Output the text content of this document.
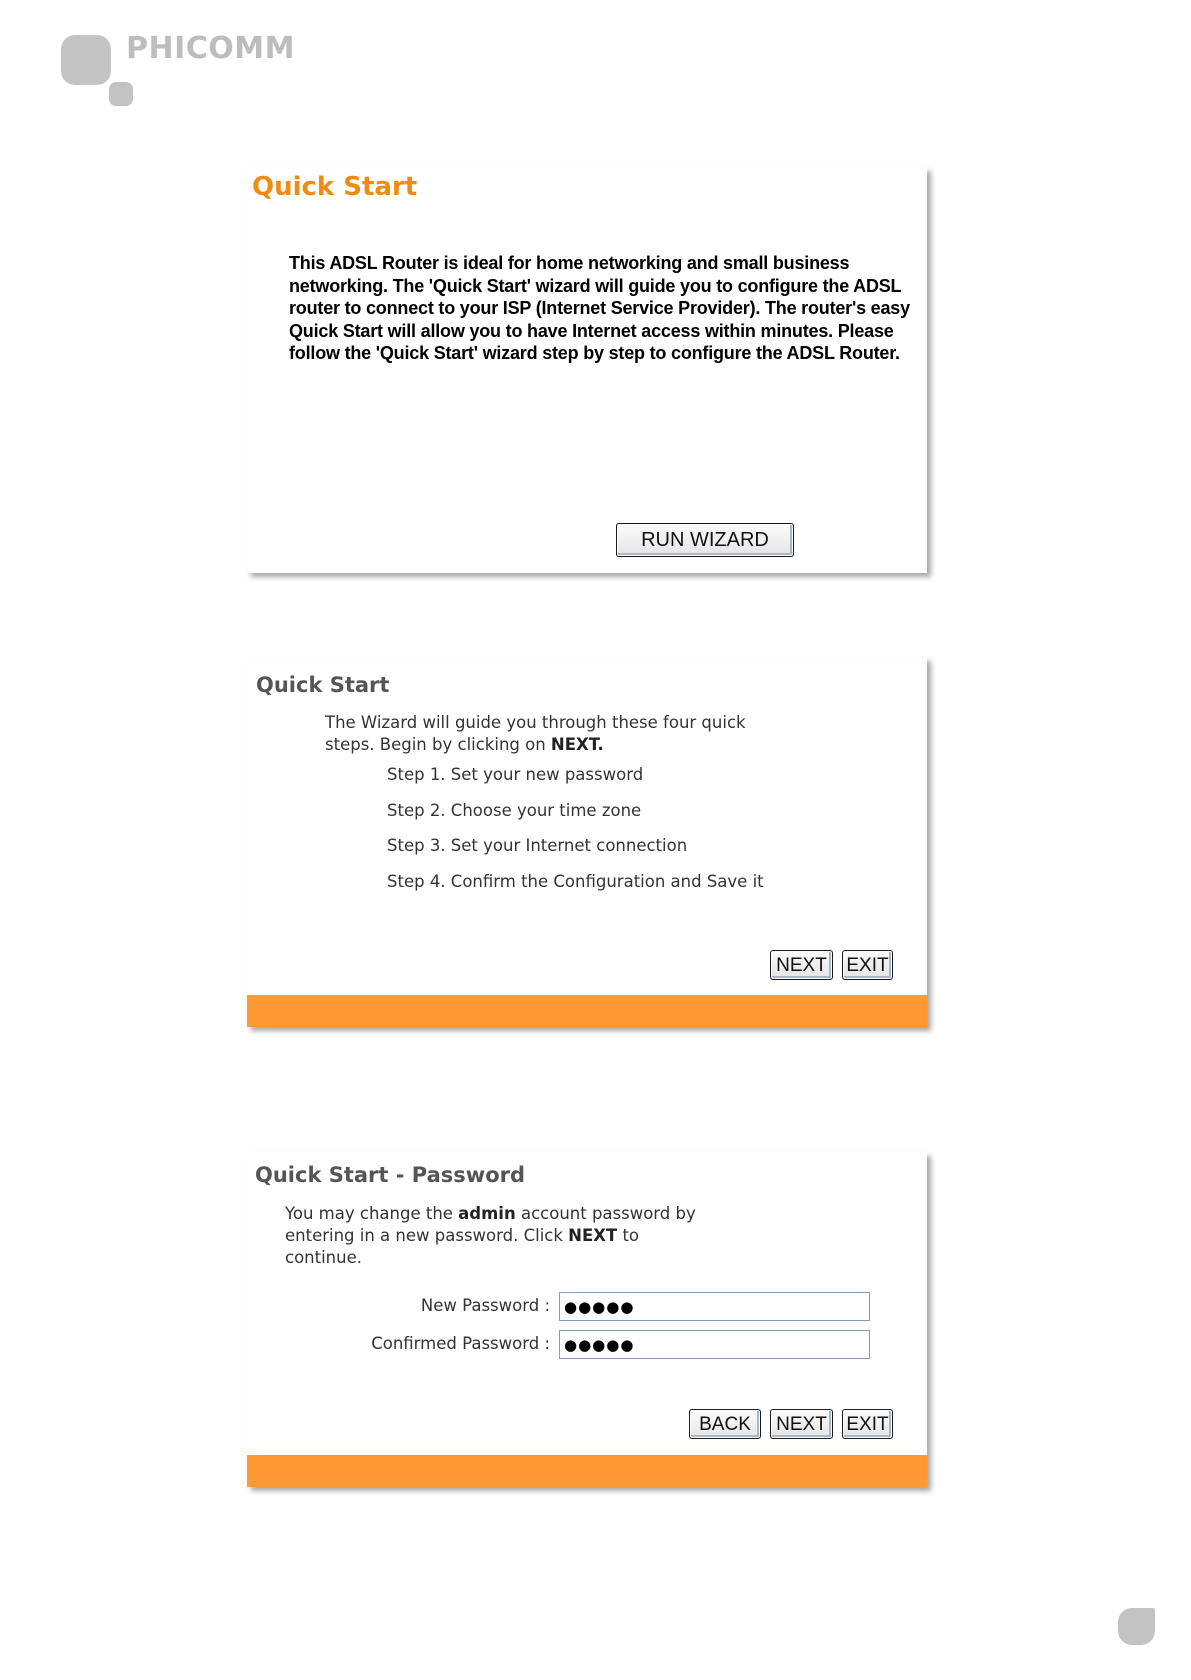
PHICOMM
Quick Start
This ADSL Router is ideal for home networking and small business networking. The 'Quick Start' wizard will guide you to configure the ADSL router to connect to your ISP (Internet Service Provider). The router's easy Quick Start will allow you to have Internet access within minutes. Please follow the 'Quick Start' wizard step by step to configure the ADSL Router.
RUN WIZARD
Quick Start
The Wizard will guide you through these four quick steps. Begin by clicking on NEXT.
Step 1. Set your new password
Step 2. Choose your time zone
Step 3. Set your Internet connection
Step 4. Confirm the Configuration and Save it
NEXT	EXIT
Quick Start - Password
You may change the admin account password by entering in a new password. Click NEXT to continue.
New Password :
●●●●●
Confirmed Password :
●●●●●
BACK	NEXT	EXIT
